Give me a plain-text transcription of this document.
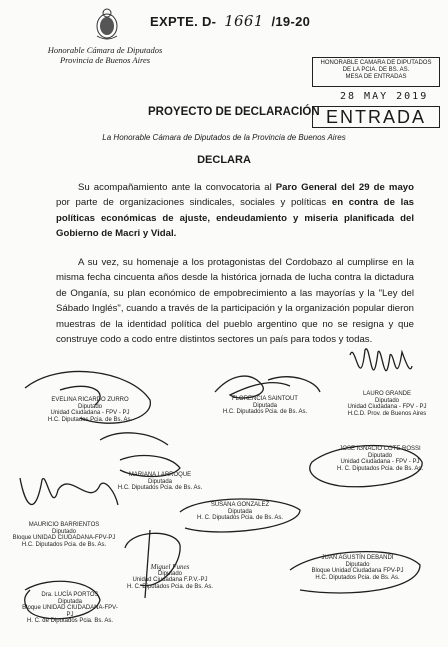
EXPTE. D- 1661 /19-20
Honorable Cámara de Diputados
Provincia de Buenos Aires	HONORABLE CAMARA DE DIPUTADOS
DE LA PCIA. DE BS. AS.
MESA DE ENTRADAS
28 MAY 2019
ENTRADA
PROYECTO DE DECLARACIÓN
La Honorable Cámara de Diputados de la Provincia de Buenos Aires
DECLARA
Su acompañamiento ante la convocatoria al Paro General del 29 de mayo por parte de organizaciones sindicales, sociales y políticas en contra de las políticas económicas de ajuste, endeudamiento y miseria planificada del Gobierno de Macri y Vidal.
A su vez, su homenaje a los protagonistas del Cordobazo al cumplirse en la misma fecha cincuenta años desde la histórica jornada de lucha contra la dictadura de Onganía, su plan económico de empobrecimiento a las mayorías y la "Ley del Sábado Inglés", cuando a través de la participación y la organización popular dieron muestras de la identidad política del pueblo argentino que no se resigna y que construye codo a codo entre distintos sectores un país para todos y todas.
EVELINA RICARDO ZURRO
Diputado
Unidad Ciudadana - FPV - PJ
H.C. Diputados Pcia. de Bs. As.
FLORENCIA SAINTOUT
Diputada
H.C. Diputados Pcia. de Bs. As.
LAURO GRANDE
Diputado
Unidad Ciudadana - FPV - PJ
H.C.D. Prov. de Buenos Aires
JOSE IGNACIO COTE ROSSI
Diputado
Unidad Ciudadana - FPV - PJ
H. C. Diputados Pcia. de Bs. As.
MARIANA LARROQUE
Diputada
H.C. Diputados Pcia. de Bs. As.
SUSANA GONZALEZ
Diputada
H. C. Diputados Pcia. de Bs. As.
MAURICIO BARRIENTOS
Diputado
Bloque UNIDAD CIUDADANA-FPV-PJ
H.C. Diputados Pcia. de Bs. As.
JUAN AGUSTÍN DEBANDI
Diputado
Bloque Unidad Ciudadana FPV-PJ
H.C. Diputados Pcia. de Bs. As.
Miguel Funes
Diputado
Unidad Ciudadana F.P.V.-PJ
H. C. Diputados Pcia. de Bs. As.
Dra. LUCÍA PORTOS
Diputada
Bloque UNIDAD CIUDADANA-FPV-PJ
H. C. de Diputados Pcia. Bs. As.
